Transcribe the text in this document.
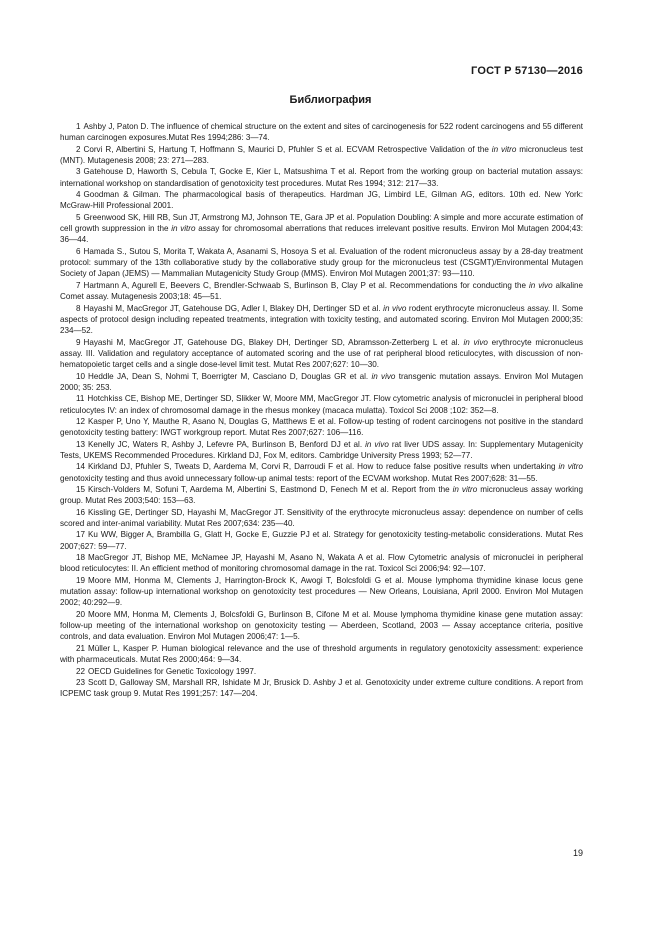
ГОСТ Р 57130—2016
Библиография

1 Ashby J, Paton D. The influence of chemical structure on the extent and sites of carcinogenesis for 522 rodent carcinogens and 55 different human carcinogen exposures.Mutat Res 1994;286: 3—74.

2 Corvi R, Albertini S, Hartung T, Hoffmann S, Maurici D, Pfuhler S et al. ECVAM Retrospective Validation of the in vitro micronucleus test (MNT). Mutagenesis 2008; 23: 271—283.

3 Gatehouse D, Haworth S, Cebula T, Gocke E, Kier L, Matsushima T et al. Report from the working group on bacterial mutation assays: international workshop on standardisation of genotoxicity test procedures. Mutat Res 1994; 312: 217—33.

4 Goodman & Gilman. The pharmacological basis of therapeutics. Hardman JG, Limbird LE, Gilman AG, editors. 10th ed. New York: McGraw-Hill Professional 2001.

5 Greenwood SK, Hill RB, Sun JT, Armstrong MJ, Johnson TE, Gara JP et al. Population Doubling: A simple and more accurate estimation of cell growth suppression in the in vitro assay for chromosomal aberrations that reduces irrelevant positive results. Environ Mol Mutagen 2004;43: 36—44.

6 Hamada S., Sutou S, Morita T, Wakata A, Asanami S, Hosoya S et al. Evaluation of the rodent micronucleus assay by a 28-day treatment protocol: summary of the 13th collaborative study by the collaborative study group for the micronucleus test (CSGMT)/Environmental Mutagen Society of Japan (JEMS) — Mammalian Mutagenicity Study Group (MMS). Environ Mol Mutagen 2001;37: 93—110.

7 Hartmann A, Agurell E, Beevers C, Brendler-Schwaab S, Burlinson B, Clay P et al. Recommendations for conducting the in vivo alkaline Comet assay. Mutagenesis 2003;18: 45—51.

8 Hayashi M, MacGregor JT, Gatehouse DG, Adler I, Blakey DH, Dertinger SD et al. in vivo rodent erythrocyte micronucleus assay. II. Some aspects of protocol design including repeated treatments, integration with toxicity testing, and automated scoring. Environ Mol Mutagen 2000;35: 234—52.

9 Hayashi M, MacGregor JT, Gatehouse DG, Blakey DH, Dertinger SD, Abramsson-Zetterberg L et al. in vivo erythrocyte micronucleus assay. III. Validation and regulatory acceptance of automated scoring and the use of rat peripheral blood reticulocytes, with discussion of non-hematopoietic target cells and a single dose-level limit test. Mutat Res 2007;627: 10—30.

10 Heddle JA, Dean S, Nohmi T, Boerrigter M, Casciano D, Douglas GR et al. in vivo transgenic mutation assays. Environ Mol Mutagen 2000; 35: 253.

11 Hotchkiss CE, Bishop ME, Dertinger SD, Slikker W, Moore MM, MacGregor JT. Flow cytometric analysis of micronuclei in peripheral blood reticulocytes IV: an index of chromosomal damage in the rhesus monkey (macaca mulatta). Toxicol Sci 2008 ;102: 352—8.

12 Kasper P, Uno Y, Mauthe R, Asano N, Douglas G, Matthews E et al. Follow-up testing of rodent carcinogens not positive in the standard genotoxicity testing battery: IWGT workgroup report. Mutat Res 2007;627: 106—116.

13 Kenelly JC, Waters R, Ashby J, Lefevre PA, Burlinson B, Benford DJ et al. in vivo rat liver UDS assay. In: Supplementary Mutagenicity Tests, UKEMS Recommended Procedures. Kirkland DJ, Fox M, editors. Cambridge University Press 1993; 52—77.

14 Kirkland DJ, Pfuhler S, Tweats D, Aardema M, Corvi R, Darroudi F et al. How to reduce false positive results when undertaking in vitro genotoxicity testing and thus avoid unnecessary follow-up animal tests: report of the ECVAM workshop. Mutat Res 2007;628: 31—55.

15 Kirsch-Volders M, Sofuni T, Aardema M, Albertini S, Eastmond D, Fenech M et al. Report from the in vitro micronucleus assay working group. Mutat Res 2003;540: 153—63.

16 Kissling GE, Dertinger SD, Hayashi M, MacGregor JT. Sensitivity of the erythrocyte micronucleus assay: dependence on number of cells scored and inter-animal variability. Mutat Res 2007;634: 235—40.

17 Ku WW, Bigger A, Brambilla G, Glatt H, Gocke E, Guzzie PJ et al. Strategy for genotoxicity testing-metabolic considerations. Mutat Res 2007;627: 59—77.

18 MacGregor JT, Bishop ME, McNamee JP, Hayashi M, Asano N, Wakata A et al. Flow Cytometric analysis of micronuclei in peripheral blood reticulocytes: II. An efficient method of monitoring chromosomal damage in the rat. Toxicol Sci 2006;94: 92—107.

19 Moore MM, Honma M, Clements J, Harrington-Brock K, Awogi T, Bolcsfoldi G et al. Mouse lymphoma thymidine kinase locus gene mutation assay: follow-up international workshop on genotoxicity test procedures — New Orleans, Louisiana, April 2000. Environ Mol Mutagen 2002; 40:292—9.

20 Moore MM, Honma M, Clements J, Bolcsfoldi G, Burlinson B, Cifone M et al. Mouse lymphoma thymidine kinase gene mutation assay: follow-up meeting of the international workshop on genotoxicity testing — Aberdeen, Scotland, 2003 — Assay acceptance criteria, positive controls, and data evaluation. Environ Mol Mutagen 2006;47: 1—5.

21 Müller L, Kasper P. Human biological relevance and the use of threshold arguments in regulatory genotoxicity assessment: experience with pharmaceuticals. Mutat Res 2000;464: 9—34.

22 OECD Guidelines for Genetic Toxicology 1997.

23 Scott D, Galloway SM, Marshall RR, Ishidate M Jr, Brusick D. Ashby J et al. Genotoxicity under extreme culture conditions. A report from ICPEMC task group 9. Mutat Res 1991;257: 147—204.

19
